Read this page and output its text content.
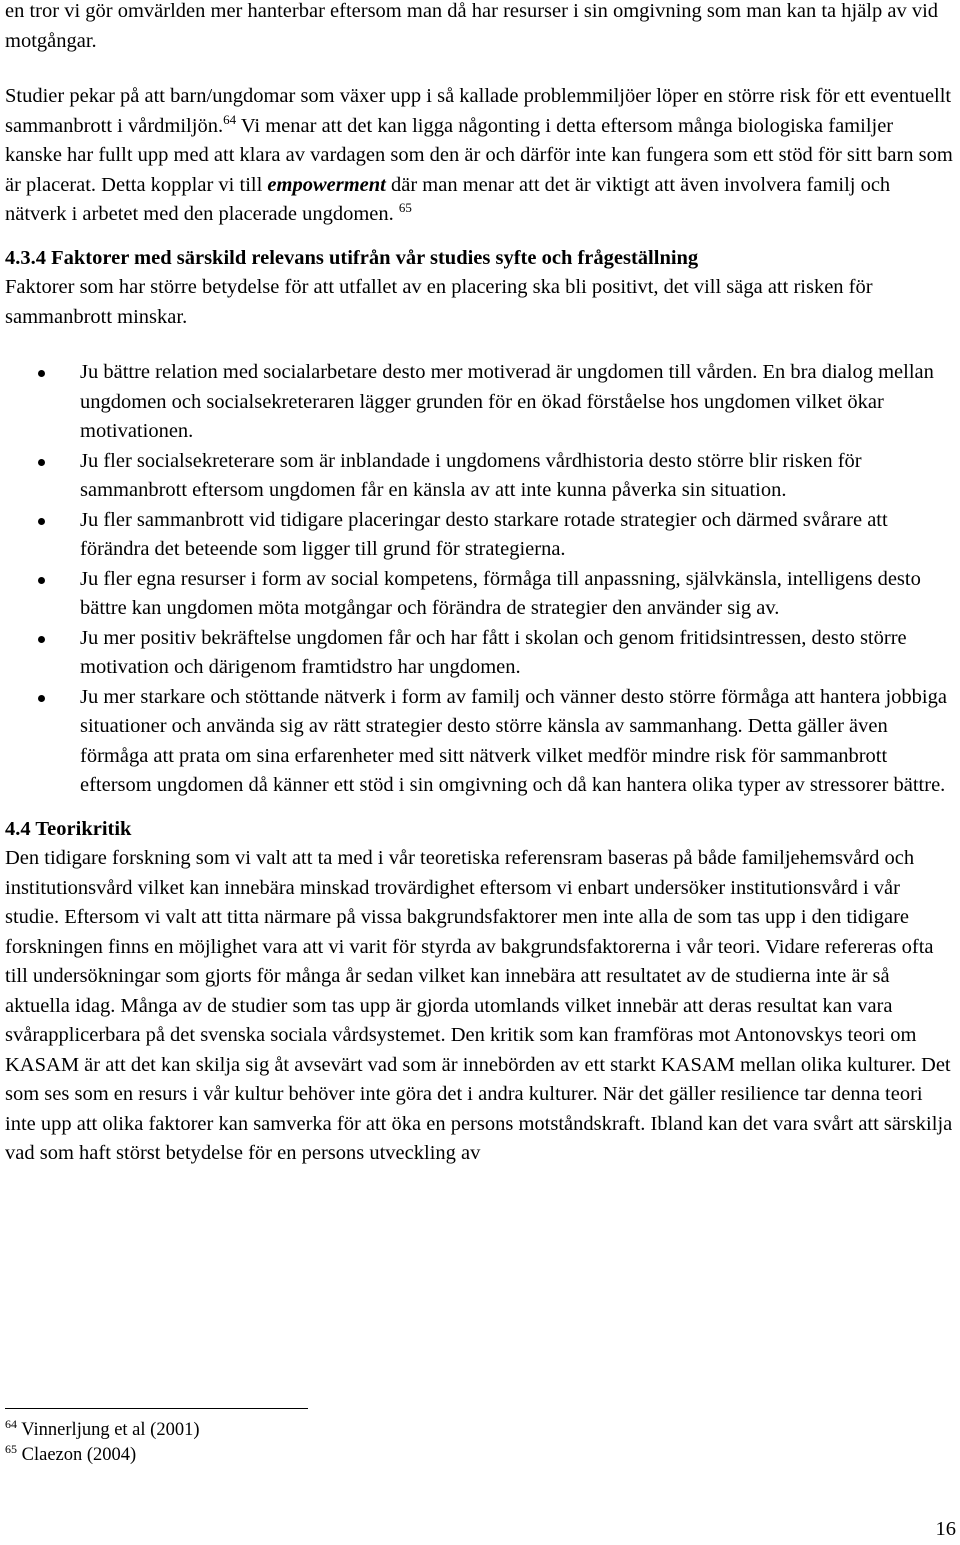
en tror vi gör omvärlden mer hanterbar eftersom man då har resurser i sin omgivning som man kan ta hjälp av vid motgångar.

Studier pekar på att barn/ungdomar som växer upp i så kallade problemmiljöer löper en större risk för ett eventuellt sammanbrott i vårdmiljön.$^{64}$ Vi menar att det kan ligga någonting i detta eftersom många biologiska familjer kanske har fullt upp med att klara av vardagen som den är och därför inte kan fungera som ett stöd för sitt barn som är placerat. Detta kopplar vi till empowerment där man menar att det är viktigt att även involvera familj och nätverk i arbetet med den placerade ungdomen. $^{65}$

4.3.4 Faktorer med särskild relevans utifrån vår studies syfte och frågeställning

Faktorer som har större betydelse för att utfallet av en placering ska bli positivt, det vill säga att risken för sammanbrott minskar.

Ju bättre relation med socialarbetare desto mer motiverad är ungdomen till vården. En bra dialog mellan ungdomen och socialsekreteraren lägger grunden för en ökad förståelse hos ungdomen vilket ökar motivationen.
Ju fler socialsekreterare som är inblandade i ungdomens vårdhistoria desto större blir risken för sammanbrott eftersom ungdomen får en känsla av att inte kunna påverka sin situation.
Ju fler sammanbrott vid tidigare placeringar desto starkare rotade strategier och därmed svårare att förändra det beteende som ligger till grund för strategierna.
Ju fler egna resurser i form av social kompetens, förmåga till anpassning, självkänsla, intelligens desto bättre kan ungdomen möta motgångar och förändra de strategier den använder sig av.
Ju mer positiv bekräftelse ungdomen får och har fått i skolan och genom fritidsintressen, desto större motivation och därigenom framtidstro har ungdomen.
Ju mer starkare och stöttande nätverk i form av familj och vänner desto större förmåga att hantera jobbiga situationer och använda sig av rätt strategier desto större känsla av sammanhang. Detta gäller även förmåga att prata om sina erfarenheter med sitt nätverk vilket medför mindre risk för sammanbrott eftersom ungdomen då känner ett stöd i sin omgivning och då kan hantera olika typer av stressorer bättre.
4.4 Teorikritik

Den tidigare forskning som vi valt att ta med i vår teoretiska referensram baseras på både familjehemsvård och institutionsvård vilket kan innebära minskad trovärdighet eftersom vi enbart undersöker institutionsvård i vår studie. Eftersom vi valt att titta närmare på vissa bakgrundsfaktorer men inte alla de som tas upp i den tidigare forskningen finns en möjlighet vara att vi varit för styrda av bakgrundsfaktorerna i vår teori. Vidare refereras ofta till undersökningar som gjorts för många år sedan vilket kan innebära att resultatet av de studierna inte är så aktuella idag. Många av de studier som tas upp är gjorda utomlands vilket innebär att deras resultat kan vara svårapplicerbara på det svenska sociala vårdsystemet. Den kritik som kan framföras mot Antonovskys teori om KASAM är att det kan skilja sig åt avsevärt vad som är innebörden av ett starkt KASAM mellan olika kulturer. Det som ses som en resurs i vår kultur behöver inte göra det i andra kulturer. När det gäller resilience tar denna teori inte upp att olika faktorer kan samverka för att öka en persons motståndskraft. Ibland kan det vara svårt att särskilja vad som haft störst betydelse för en persons utveckling av

$^{64}$ Vinnerljung et al (2001)
$^{65}$ Claezon (2004)
16
